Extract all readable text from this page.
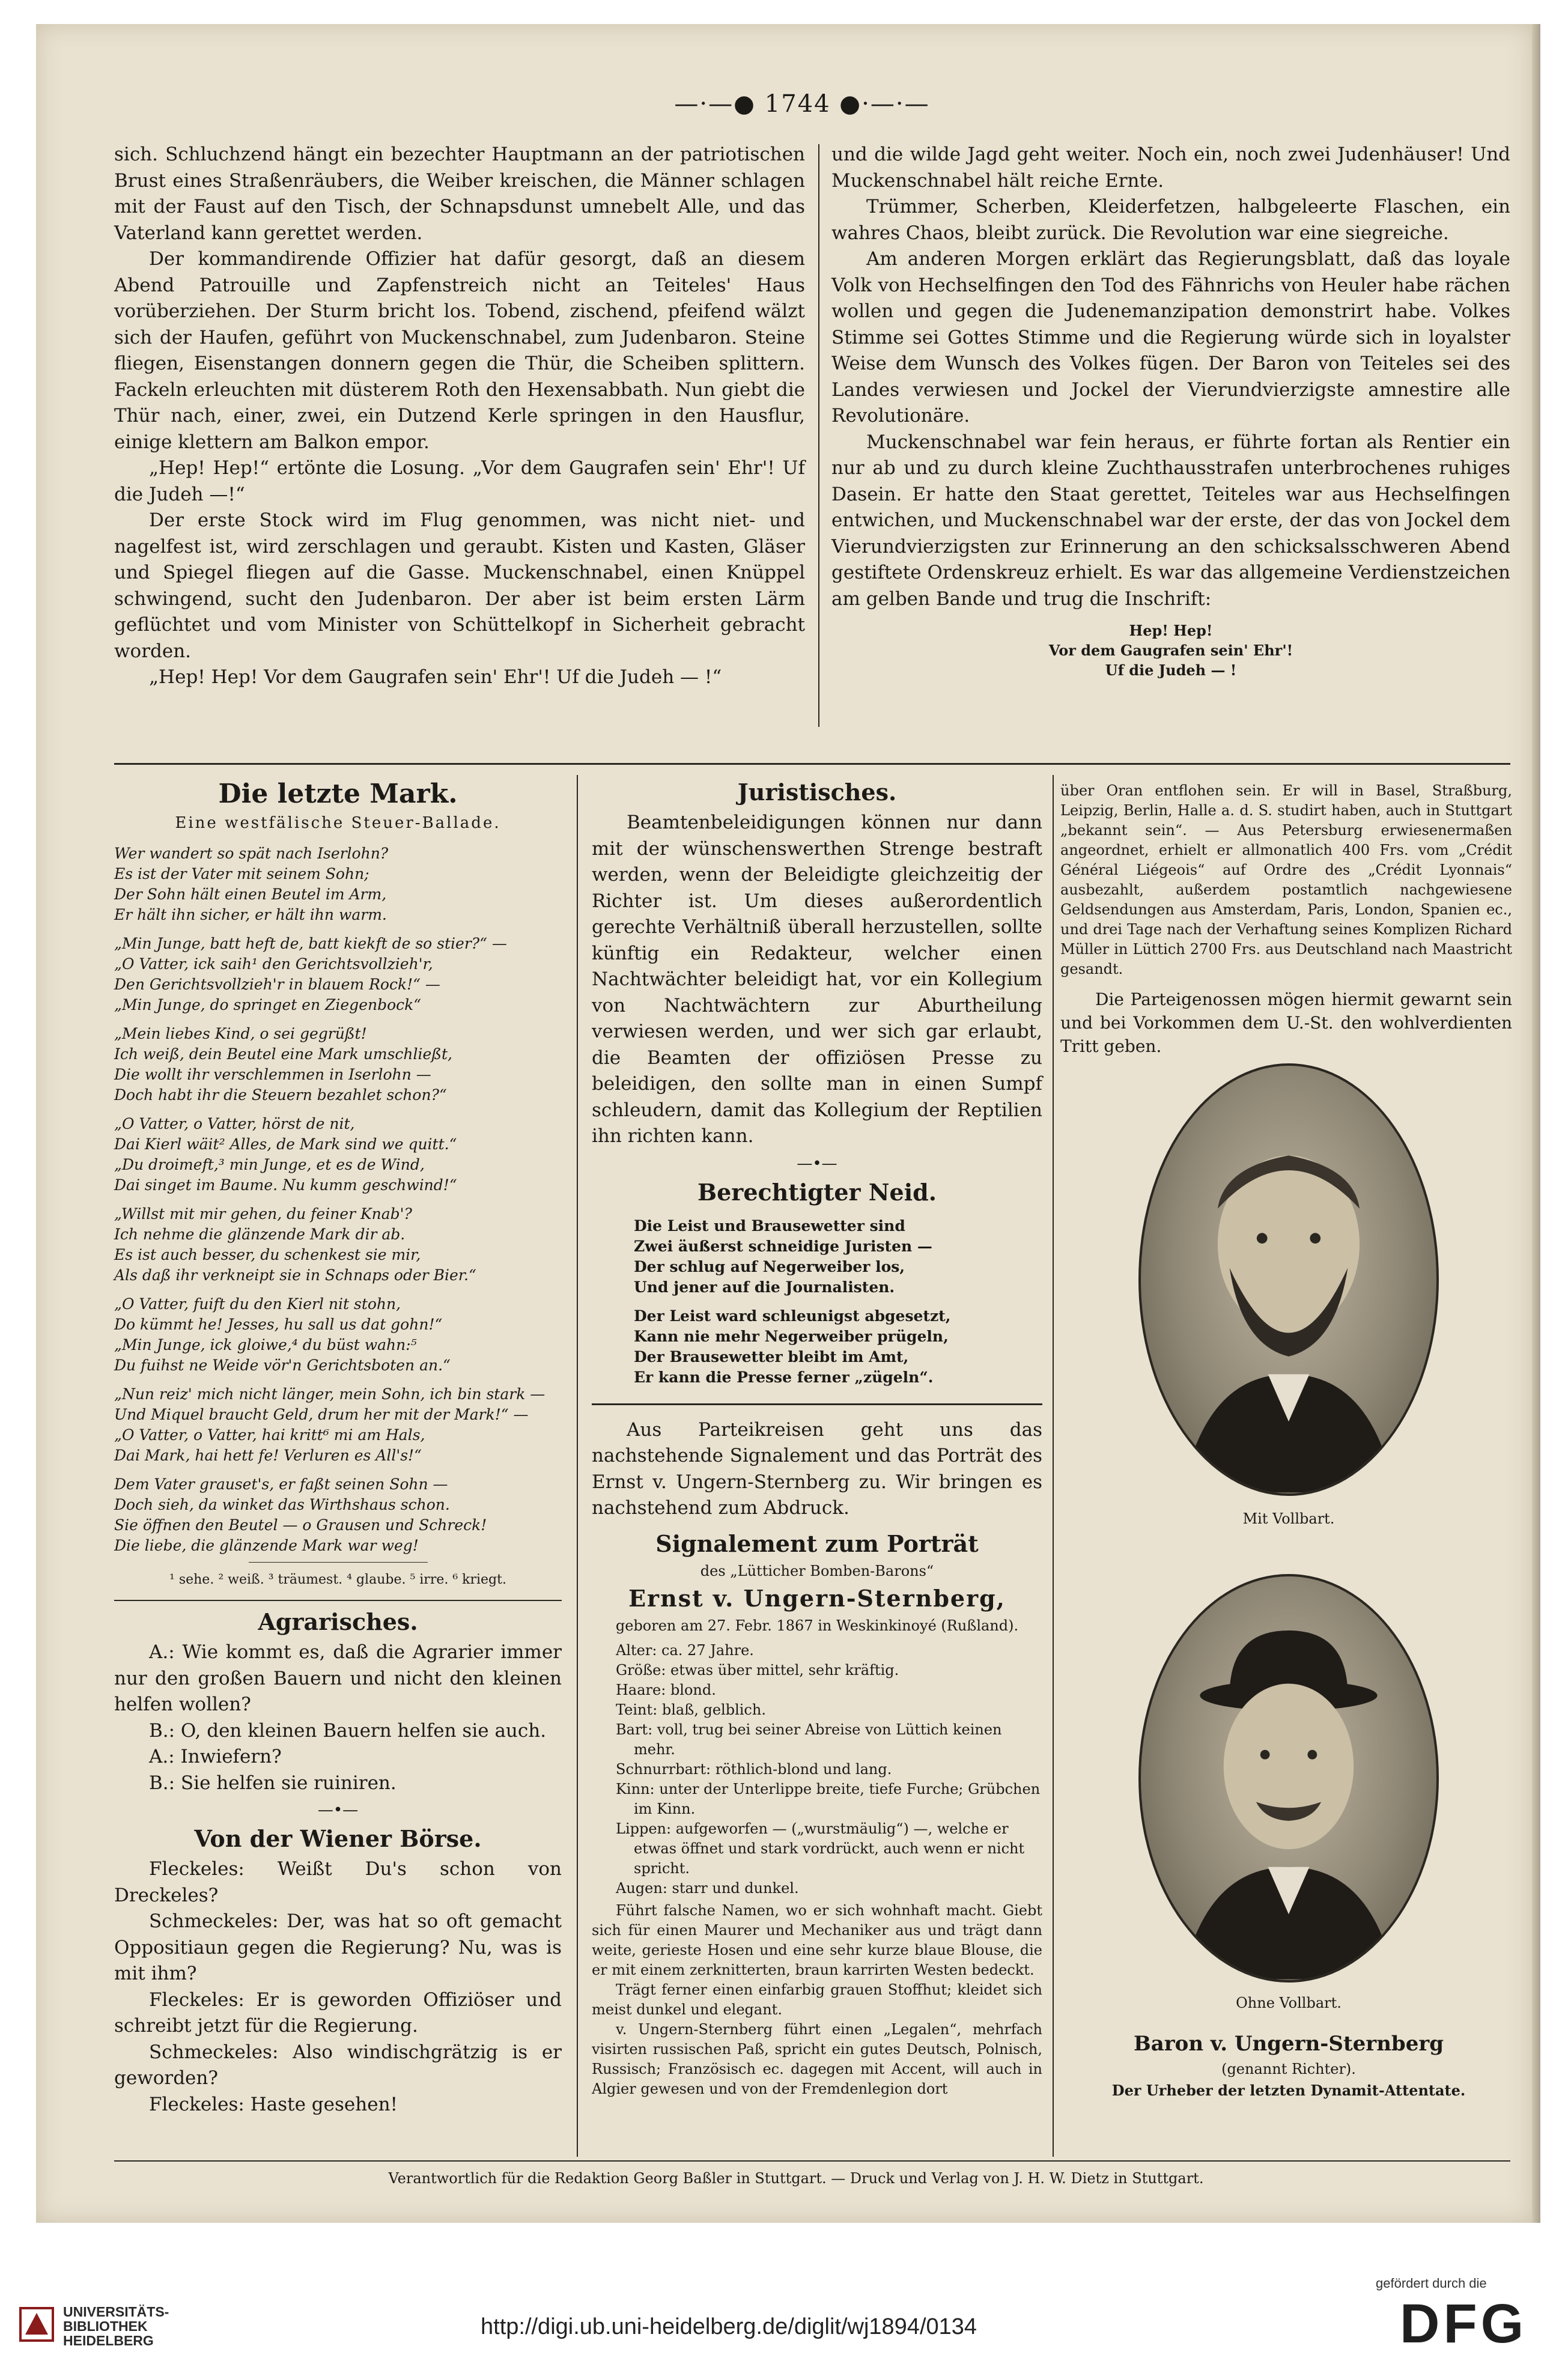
—·—● 1744 ●·—·—

sich. Schluchzend hängt ein bezechter Hauptmann an der patriotischen Brust eines Straßenräubers, die Weiber kreischen, die Männer schlagen mit der Faust auf den Tisch, der Schnapsdunst umnebelt Alle, und das Vaterland kann gerettet werden.

Der kommandirende Offizier hat dafür gesorgt, daß an diesem Abend Patrouille und Zapfenstreich nicht an Teiteles' Haus vorüberziehen. Der Sturm bricht los. Tobend, zischend, pfeifend wälzt sich der Haufen, geführt von Muckenschnabel, zum Judenbaron. Steine fliegen, Eisenstangen donnern gegen die Thür, die Scheiben splittern. Fackeln erleuchten mit düsterem Roth den Hexensabbath. Nun giebt die Thür nach, einer, zwei, ein Dutzend Kerle springen in den Hausflur, einige klettern am Balkon empor.

„Hep! Hep!“ ertönte die Losung. „Vor dem Gaugrafen sein' Ehr'! Uf die Judeh —!“

Der erste Stock wird im Flug genommen, was nicht niet- und nagelfest ist, wird zerschlagen und geraubt. Kisten und Kasten, Gläser und Spiegel fliegen auf die Gasse. Muckenschnabel, einen Knüppel schwingend, sucht den Judenbaron. Der aber ist beim ersten Lärm geflüchtet und vom Minister von Schüttelkopf in Sicherheit gebracht worden.

„Hep! Hep! Vor dem Gaugrafen sein' Ehr'! Uf die Judeh — !“

und die wilde Jagd geht weiter. Noch ein, noch zwei Judenhäuser! Und Muckenschnabel hält reiche Ernte.

Trümmer, Scherben, Kleiderfetzen, halbgeleerte Flaschen, ein wahres Chaos, bleibt zurück. Die Revolution war eine siegreiche.

Am anderen Morgen erklärt das Regierungsblatt, daß das loyale Volk von Hechselfingen den Tod des Fähnrichs von Heuler habe rächen wollen und gegen die Judenemanzipation demonstrirt habe. Volkes Stimme sei Gottes Stimme und die Regierung würde sich in loyalster Weise dem Wunsch des Volkes fügen. Der Baron von Teiteles sei des Landes verwiesen und Jockel der Vierundvierzigste amnestire alle Revolutionäre.

Muckenschnabel war fein heraus, er führte fortan als Rentier ein nur ab und zu durch kleine Zuchthausstrafen unterbrochenes ruhiges Dasein. Er hatte den Staat gerettet, Teiteles war aus Hechselfingen entwichen, und Muckenschnabel war der erste, der das von Jockel dem Vierundvierzigsten zur Erinnerung an den schicksalsschweren Abend gestiftete Ordenskreuz erhielt. Es war das allgemeine Verdienstzeichen am gelben Bande und trug die Inschrift:

Hep! Hep!
Vor dem Gaugrafen sein' Ehr'!
Uf die Judeh — !
Die letzte Mark.
Eine westfälische Steuer-Ballade.

Wer wandert so spät nach Iserlohn?

Es ist der Vater mit seinem Sohn;

Der Sohn hält einen Beutel im Arm,

Er hält ihn sicher, er hält ihn warm.

„Min Junge, batt heft de, batt kiekft de so stier?“ —

„O Vatter, ick saih¹ den Gerichtsvollzieh'r,

Den Gerichtsvollzieh'r in blauem Rock!“ —

„Min Junge, do springet en Ziegenbock“

„Mein liebes Kind, o sei gegrüßt!

Ich weiß, dein Beutel eine Mark umschließt,

Die wollt ihr verschlemmen in Iserlohn —

Doch habt ihr die Steuern bezahlet schon?“

„O Vatter, o Vatter, hörst de nit,

Dai Kierl wäit² Alles, de Mark sind we quitt.“

„Du droimeft,³ min Junge, et es de Wind,

Dai singet im Baume. Nu kumm geschwind!“

„Willst mit mir gehen, du feiner Knab'?

Ich nehme die glänzende Mark dir ab.

Es ist auch besser, du schenkest sie mir,

Als daß ihr verkneipt sie in Schnaps oder Bier.“

„O Vatter, fuift du den Kierl nit stohn,

Do kümmt he! Jesses, hu sall us dat gohn!“

„Min Junge, ick gloiwe,⁴ du büst wahn:⁵

Du fuihst ne Weide vör'n Gerichtsboten an.“

„Nun reiz' mich nicht länger, mein Sohn, ich bin stark —

Und Miquel braucht Geld, drum her mit der Mark!“ —

„O Vatter, o Vatter, hai kritt⁶ mi am Hals,

Dai Mark, hai hett fe! Verluren es All's!“

Dem Vater grauset's, er faßt seinen Sohn —

Doch sieh, da winket das Wirthshaus schon.

Sie öffnen den Beutel — o Grausen und Schreck!

Die liebe, die glänzende Mark war weg!

¹ sehe. ² weiß. ³ träumest. ⁴ glaube. ⁵ irre. ⁶ kriegt.
Agrarisches.

A.: Wie kommt es, daß die Agrarier immer nur den großen Bauern und nicht den kleinen helfen wollen?

B.: O, den kleinen Bauern helfen sie auch.

A.: Inwiefern?

B.: Sie helfen sie ruiniren.

—•—
Von der Wiener Börse.

Fleckeles: Weißt Du's schon von Dreckeles?

Schmeckeles: Der, was hat so oft gemacht Oppositiaun gegen die Regierung? Nu, was is mit ihm?

Fleckeles: Er is geworden Offiziöser und schreibt jetzt für die Regierung.

Schmeckeles: Also windischgrätzig is er geworden?

Fleckeles: Haste gesehen!

Juristisches.

Beamtenbeleidigungen können nur dann mit der wünschenswerthen Strenge bestraft werden, wenn der Beleidigte gleichzeitig der Richter ist. Um dieses außerordentlich gerechte Verhältniß überall herzustellen, sollte künftig ein Redakteur, welcher einen Nachtwächter beleidigt hat, vor ein Kollegium von Nachtwächtern zur Aburtheilung verwiesen werden, und wer sich gar erlaubt, die Beamten der offiziösen Presse zu beleidigen, den sollte man in einen Sumpf schleudern, damit das Kollegium der Reptilien ihn richten kann.

—•—
Berechtigter Neid.

Die Leist und Brausewetter sind

Zwei äußerst schneidige Juristen —

Der schlug auf Negerweiber los,

Und jener auf die Journalisten.

Der Leist ward schleunigst abgesetzt,

Kann nie mehr Negerweiber prügeln,

Der Brausewetter bleibt im Amt,

Er kann die Presse ferner „zügeln“.

Aus Parteikreisen geht uns das nachstehende Signalement und das Porträt des Ernst v. Ungern-Sternberg zu. Wir bringen es nachstehend zum Abdruck.

Signalement zum Porträt
des „Lütticher Bomben-Barons“
Ernst v. Ungern-Sternberg,
geboren am 27. Febr. 1867 in Weskinkinoyé (Rußland).
Alter: ca. 27 Jahre.
Größe: etwas über mittel, sehr kräftig.
Haare: blond.
Teint: blaß, gelblich.
Bart: voll, trug bei seiner Abreise von Lüttich keinen mehr.
Schnurrbart: röthlich-blond und lang.
Kinn: unter der Unterlippe breite, tiefe Furche; Grübchen im Kinn.
Lippen: aufgeworfen — („wurstmäulig“) —, welche er etwas öffnet und stark vordrückt, auch wenn er nicht spricht.
Augen: starr und dunkel.

Führt falsche Namen, wo er sich wohnhaft macht. Giebt sich für einen Maurer und Mechaniker aus und trägt dann weite, gerieste Hosen und eine sehr kurze blaue Blouse, die er mit einem zerknitterten, braun karrirten Westen bedeckt.

Trägt ferner einen einfarbig grauen Stoffhut; kleidet sich meist dunkel und elegant.

v. Ungern-Sternberg führt einen „Legalen“, mehrfach visirten russischen Paß, spricht ein gutes Deutsch, Polnisch, Russisch; Französisch ec. dagegen mit Accent, will auch in Algier gewesen und von der Fremdenlegion dort

über Oran entflohen sein. Er will in Basel, Straßburg, Leipzig, Berlin, Halle a. d. S. studirt haben, auch in Stuttgart „bekannt sein“. — Aus Petersburg erwiesenermaßen angeordnet, erhielt er allmonatlich 400 Frs. vom „Crédit Général Liégeois“ auf Ordre des „Crédit Lyonnais“ ausbezahlt, außerdem postamtlich nachgewiesene Geldsendungen aus Amsterdam, Paris, London, Spanien ec., und drei Tage nach der Verhaftung seines Komplizen Richard Müller in Lüttich 2700 Frs. aus Deutschland nach Maastricht gesandt.

Die Parteigenossen mögen hiermit gewarnt sein und bei Vorkommen dem U.-St. den wohlverdienten Tritt geben.

Mit Vollbart.
Ohne Vollbart.
Baron v. Ungern-Sternberg
(genannt Richter).
Der Urheber der letzten Dynamit-Attentate.
Verantwortlich für die Redaktion Georg Baßler in Stuttgart. — Druck und Verlag von J. H. W. Dietz in Stuttgart.
UNIVERSITÄTS-
BIBLIOTHEK
HEIDELBERG
http://digi.ub.uni-heidelberg.de/diglit/wj1894/0134
gefördert durch die
DFG
